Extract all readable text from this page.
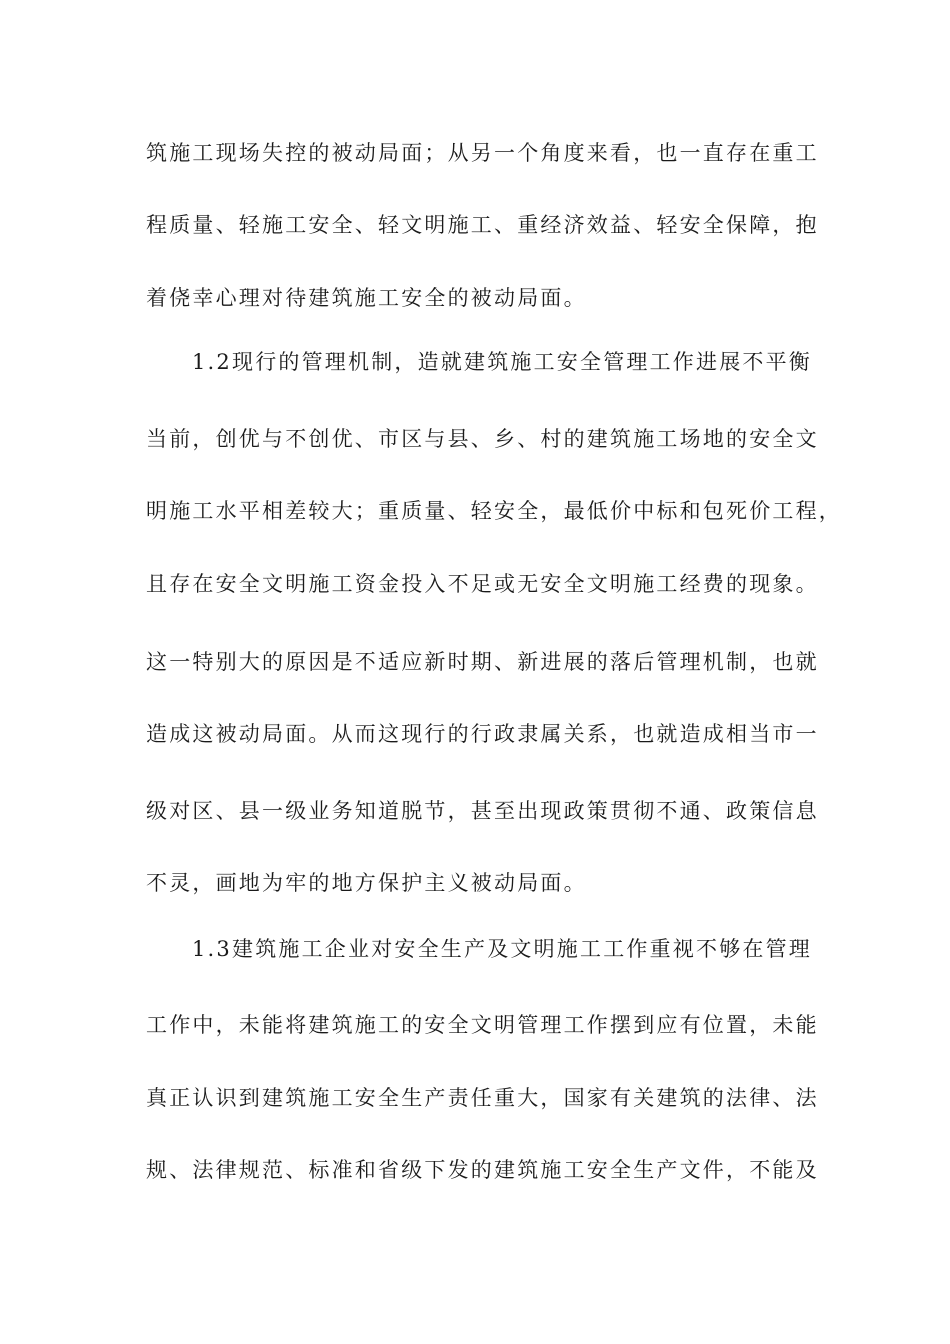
筑施工现场失控的被动局面；从另一个角度来看，也一直存在重工
程质量、轻施工安全、轻文明施工、重经济效益、轻安全保障，抱
着侥幸心理对待建筑施工安全的被动局面。
1.2现行的管理机制，造就建筑施工安全管理工作进展不平衡
当前，创优与不创优、市区与县、乡、村的建筑施工场地的安全文
明施工水平相差较大；重质量、轻安全，最低价中标和包死价工程，
且存在安全文明施工资金投入不足或无安全文明施工经费的现象。
这一特别大的原因是不适应新时期、新进展的落后管理机制，也就
造成这被动局面。从而这现行的行政隶属关系，也就造成相当市一
级对区、县一级业务知道脱节，甚至出现政策贯彻不通、政策信息
不灵，画地为牢的地方保护主义被动局面。
1.3建筑施工企业对安全生产及文明施工工作重视不够在管理
工作中，未能将建筑施工的安全文明管理工作摆到应有位置，未能
真正认识到建筑施工安全生产责任重大，国家有关建筑的法律、法
规、法律规范、标准和省级下发的建筑施工安全生产文件，不能及
